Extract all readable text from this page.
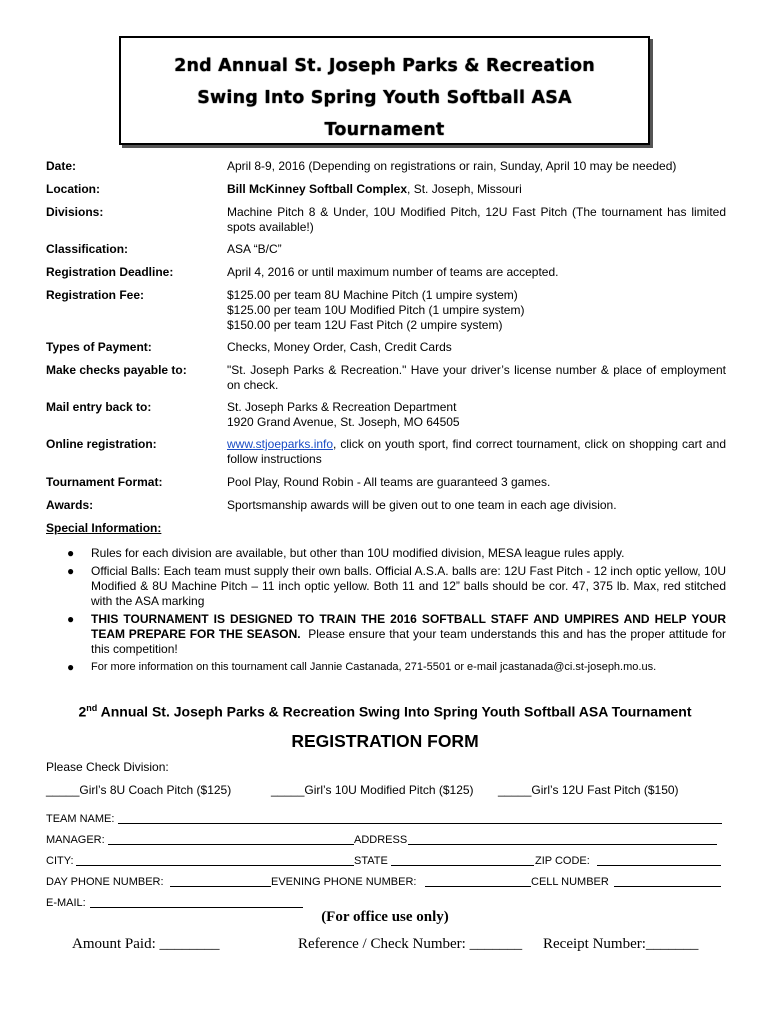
2nd Annual St. Joseph Parks & Recreation
Swing Into Spring Youth Softball ASA
Tournament
Date:	April 8-9, 2016 (Depending on registrations or rain, Sunday, April 10 may be needed)
Location:	Bill McKinney Softball Complex, St. Joseph, Missouri
Divisions:	Machine Pitch 8 & Under, 10U Modified Pitch, 12U Fast Pitch (The tournament has limited spots available!)
Classification:	ASA “B/C”
Registration Deadline:	April 4, 2016 or until maximum number of teams are accepted.
Registration Fee:	$125.00 per team 8U Machine Pitch (1 umpire system)
$125.00 per team 10U Modified Pitch (1 umpire system)
$150.00 per team 12U Fast Pitch (2 umpire system)
Types of Payment:	Checks, Money Order, Cash, Credit Cards
Make checks payable to:	"St. Joseph Parks & Recreation." Have your driver’s license number & place of employment on check.
Mail entry back to:	St. Joseph Parks & Recreation Department
1920 Grand Avenue, St. Joseph, MO 64505
Online registration:	www.stjoeparks.info, click on youth sport, find correct tournament, click on shopping cart and follow instructions
Tournament Format:	Pool Play, Round Robin - All teams are guaranteed 3 games.
Awards:	Sportsmanship awards will be given out to one team in each age division.
Special Information:
● Rules for each division are available, but other than 10U modified division, MESA league rules apply.
● Official Balls: Each team must supply their own balls. Official A.S.A. balls are: 12U Fast Pitch - 12 inch optic yellow, 10U Modified & 8U Machine Pitch – 11 inch optic yellow. Both 11 and 12” balls should be cor. 47, 375 lb. Max, red stitched with the ASA marking
● THIS TOURNAMENT IS DESIGNED TO TRAIN THE 2016 SOFTBALL STAFF AND UMPIRES AND HELP YOUR TEAM PREPARE FOR THE SEASON. Please ensure that your team understands this and has the proper attitude for this competition!
● For more information on this tournament call Jannie Castanada, 271-5501 or e-mail jcastanada@ci.st-joseph.mo.us.
2nd Annual St. Joseph Parks & Recreation Swing Into Spring Youth Softball ASA Tournament
REGISTRATION FORM
Please Check Division:
_____Girl’s 8U Coach Pitch ($125)	_____Girl’s 10U Modified Pitch ($125) _____Girl’s 12U Fast Pitch ($150)
TEAM NAME:
MANAGER:	ADDRESS
CITY:	STATE	ZIP CODE:
DAY PHONE NUMBER:	EVENING PHONE NUMBER:	CELL NUMBER
E-MAIL:
(For office use only)
Amount Paid: ________	Reference / Check Number: _______ Receipt Number:_______
